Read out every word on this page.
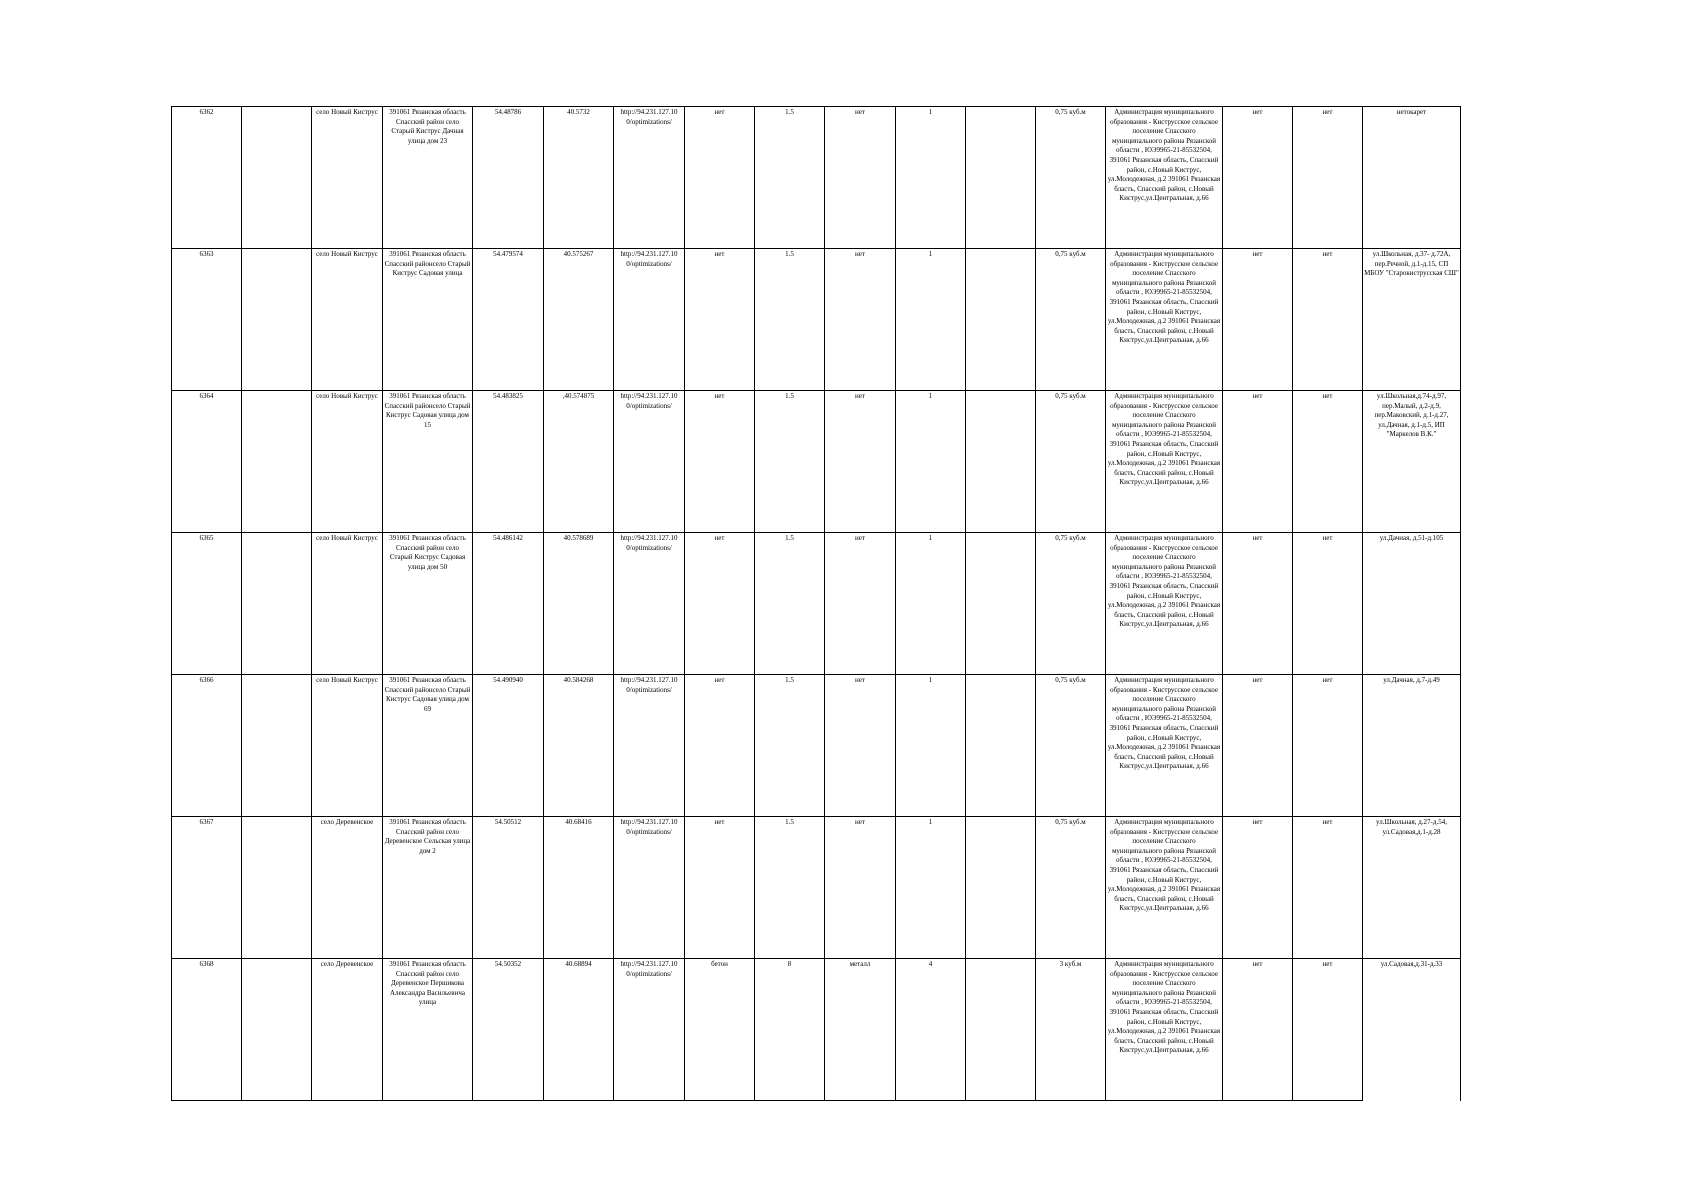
6362		село Новый Киструс	391061 Рязанская область Спасский район село Старый Киструс Дачная улица дом 23	54.48786	40.5732	http://94.231.127.10 0/optimizations/	нет	1.5	нет	1		0,75 куб.м	Администрация муниципального образования - Киструсское сельское поселение Спасского муниципального района Рязанской области , ЮЭ9965-21-85532504, 391061 Рязанская область, Спасский район, с.Новый Киструс, ул.Молодежная, д.2 391061 Рязанская бласть, Спасский район, с.Новый Киструс,ул.Центральная, д.66	нет	нет	нетокарет
6363		село Новый Киструс	391061 Рязанская область Спасский районсело Старый Киструс Садовая улица	54.479574	40.575267	http://94.231.127.10 0/optimizations/	нет	1.5	нет	1		0,75 куб.м	Администрация муниципального образования - Киструсское сельское поселение Спасского муниципального района Рязанской области , ЮЭ9965-21-85532504, 391061 Рязанская область, Спасский район, с.Новый Киструс, ул.Молодежная, д.2 391061 Рязанская бласть, Спасский район, с.Новый Киструс,ул.Центральная, д.66	нет	нет	ул.Школьная, д.37- д.72А, пер.Речной, д.1-д.15, СП МБОУ "Старокиструсская СШ"
6364		село Новый Киструс	391061 Рязанская область Спасский районсело Старый Киструс Садовая улица дом 15	54.483825	,40.574875	http://94.231.127.10 0/optimizations/	нет	1.5	нет	1		0,75 куб.м	Администрация муниципального образования - Киструсское сельское поселение Спасского муниципального района Рязанской области , ЮЭ9965-21-85532504, 391061 Рязанская область, Спасский район, с.Новый Киструс, ул.Молодежная, д.2 391061 Рязанская бласть, Спасский район, с.Новый Киструс,ул.Центральная, д.66	нет	нет	ул.Школьная,д.74-д.97, пер.Малый, д.2-д.9, пер.Маковский, д.1-д.27, ул.Дачная, д.1-д.5, ИП "Маркелов В.К."
6365		село Новый Киструс	391061 Рязанская область Спасский район село Старый Киструс Садовая улица дом 50	54.486142	40.578689	http://94.231.127.10 0/optimizations/	нет	1.5	нет	1		0,75 куб.м	Администрация муниципального образования - Киструсское сельское поселение Спасского муниципального района Рязанской области , ЮЭ9965-21-85532504, 391061 Рязанская область, Спасский район, с.Новый Киструс, ул.Молодежная, д.2 391061 Рязанская бласть, Спасский район, с.Новый Киструс,ул.Центральная, д.66	нет	нет	ул.Дачная, д.51-д.105
6366		село Новый Киструс	391061 Рязанская область Спасский районсело Старый Киструс Садовая улица дом 69	54.490940	40.584268	http://94.231.127.10 0/optimizations/	нет	1.5	нет	1		0,75 куб.м	Администрация муниципального образования - Киструсское сельское поселение Спасского муниципального района Рязанской области , ЮЭ9965-21-85532504, 391061 Рязанская область, Спасский район, с.Новый Киструс, ул.Молодежная, д.2 391061 Рязанская бласть, Спасский район, с.Новый Киструс,ул.Центральная, д.66	нет	нет	ул.Дачная, д.7-д.49
6367		село Деревенское	391061 Рязанская область Спасский район село Деревенское Сельская улица дом 2	54.50512	40.68416	http://94.231.127.10 0/optimizations/	нет	1.5	нет	1		0,75 куб.м	Администрация муниципального образования - Киструсское сельское поселение Спасского муниципального района Рязанской области , ЮЭ9965-21-85532504, 391061 Рязанская область, Спасский район, с.Новый Киструс, ул.Молодежная, д.2 391061 Рязанская бласть, Спасский район, с.Новый Киструс,ул.Центральная, д.66	нет	нет	ул.Школьная, д.27-д.54, ул.Садовая,д.1-д.28
6368		село Деревенское	391061 Рязанская область Спасский район село Деревенское Першикова Александра Васильевича улица	54.50352	40.68894	http://94.231.127.10 0/optimizations/	бетон	8	металл	4		3 куб.м	Администрация муниципального образования - Киструсское сельское поселение Спасского муниципального района Рязанской области , ЮЭ9965-21-85532504, 391061 Рязанская область, Спасский район, с.Новый Киструс, ул.Молодежная, д.2 391061 Рязанская бласть, Спасский район, с.Новый Киструс,ул.Центральная, д.66	нет	нет	ул.Садовая,д.31-д.33
